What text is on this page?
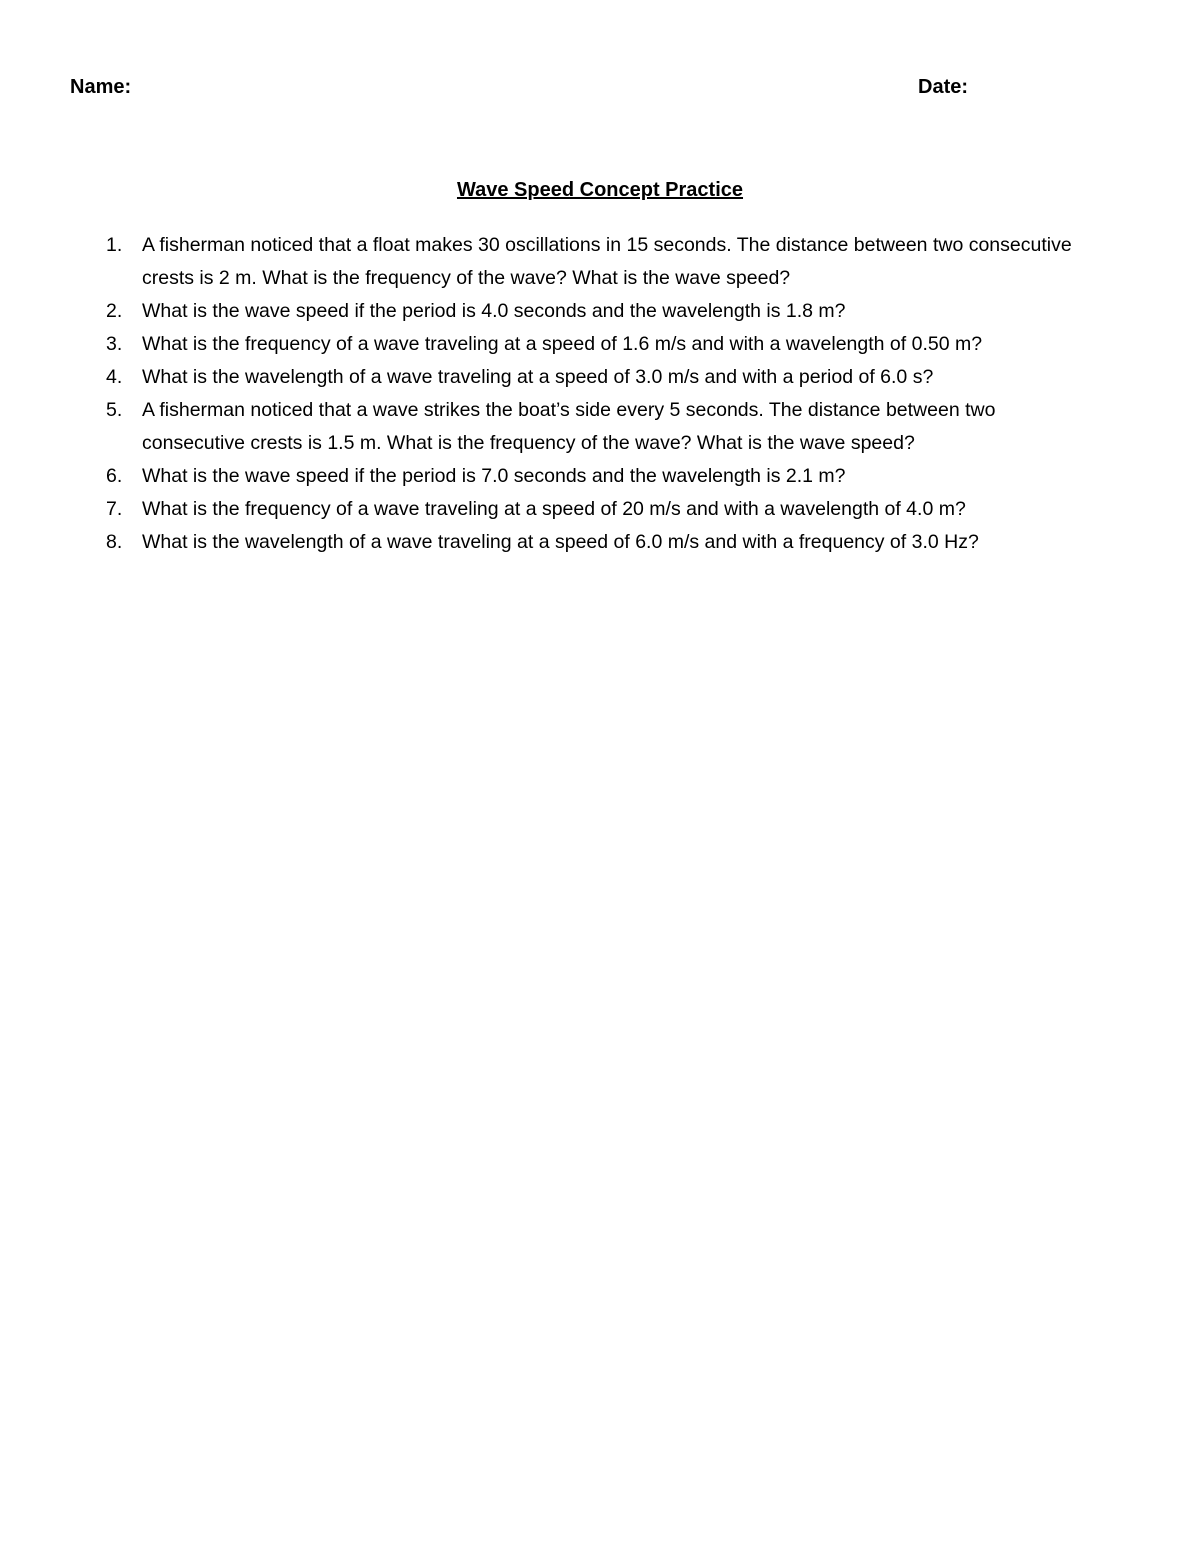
Name:	Date:
Wave Speed Concept Practice
1. A fisherman noticed that a float makes 30 oscillations in 15 seconds. The distance between two consecutive crests is 2 m. What is the frequency of the wave? What is the wave speed?
2. What is the wave speed if the period is 4.0 seconds and the wavelength is 1.8 m?
3. What is the frequency of a wave traveling at a speed of 1.6 m/s and with a wavelength of 0.50 m?
4. What is the wavelength of a wave traveling at a speed of 3.0 m/s and with a period of 6.0 s?
5. A fisherman noticed that a wave strikes the boat’s side every 5 seconds. The distance between two consecutive crests is 1.5 m. What is the frequency of the wave? What is the wave speed?
6. What is the wave speed if the period is 7.0 seconds and the wavelength is 2.1 m?
7. What is the frequency of a wave traveling at a speed of 20 m/s and with a wavelength of 4.0 m?
8. What is the wavelength of a wave traveling at a speed of 6.0 m/s and with a frequency of 3.0 Hz?
